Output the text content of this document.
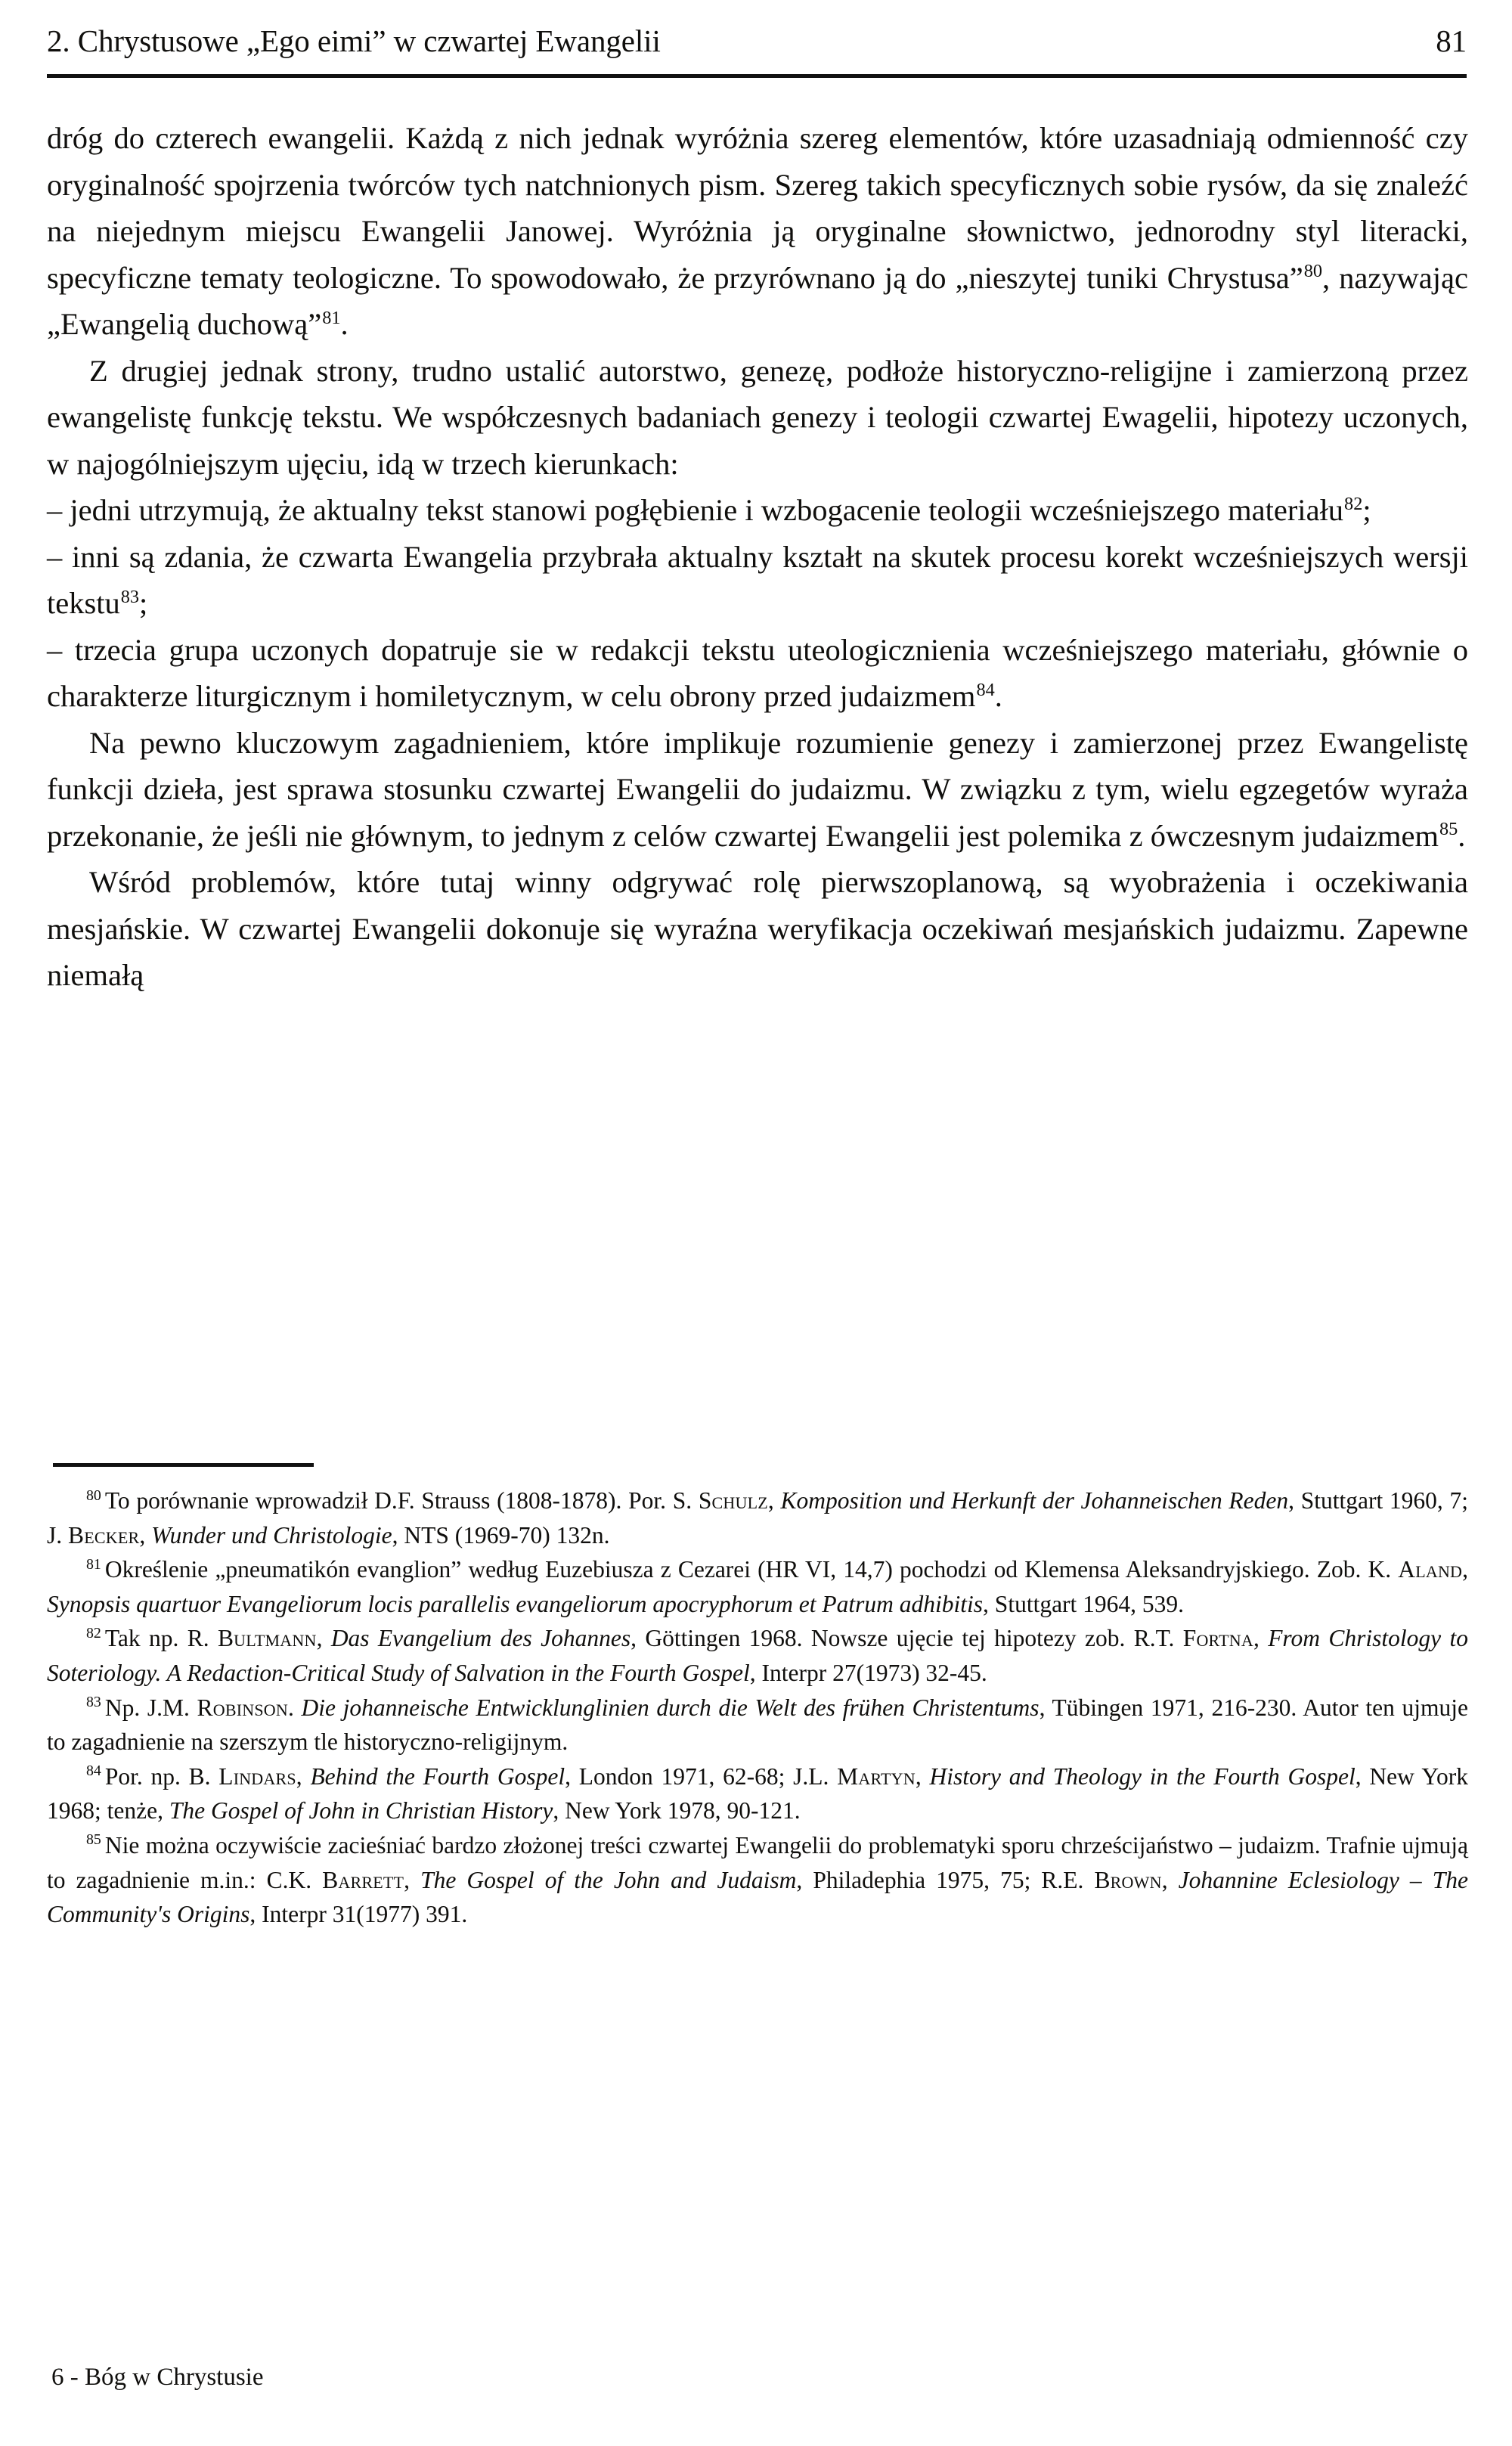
2. Chrystusowe „Ego eimi” w czwartej Ewangelii	81

dróg do czterech ewangelii. Każdą z nich jednak wyróżnia szereg elementów, które uzasadniają odmienność czy oryginalność spojrzenia twórców tych natchnionych pism. Szereg takich specyficznych sobie rysów, da się znaleźć na niejednym miejscu Ewangelii Janowej. Wyróżnia ją oryginalne słownictwo, jednorodny styl literacki, specyficzne tematy teologiczne. To spowodowało, że przyrównano ją do „nieszytej tuniki Chrystusa”$^{80}$, nazywając „Ewangelią duchową”$^{81}$.

Z drugiej jednak strony, trudno ustalić autorstwo, genezę, podłoże historyczno-religijne i zamierzoną przez ewangelistę funkcję tekstu. We współczesnych badaniach genezy i teologii czwartej Ewagelii, hipotezy uczonych, w najogólniejszym ujęciu, idą w trzech kierunkach:

– jedni utrzymują, że aktualny tekst stanowi pogłębienie i wzbogacenie teologii wcześniejszego materiału$^{82}$;

– inni są zdania, że czwarta Ewangelia przybrała aktualny kształt na skutek procesu korekt wcześniejszych wersji tekstu$^{83}$;

– trzecia grupa uczonych dopatruje sie w redakcji tekstu uteologicznienia wcześniejszego materiału, głównie o charakterze liturgicznym i homiletycznym, w celu obrony przed judaizmem$^{84}$.

Na pewno kluczowym zagadnieniem, które implikuje rozumienie genezy i zamierzonej przez Ewangelistę funkcji dzieła, jest sprawa stosunku czwartej Ewangelii do judaizmu. W związku z tym, wielu egzegetów wyraża przekonanie, że jeśli nie głównym, to jednym z celów czwartej Ewangelii jest polemika z ówczesnym judaizmem$^{85}$.

Wśród problemów, które tutaj winny odgrywać rolę pierwszoplanową, są wyobrażenia i oczekiwania mesjańskie. W czwartej Ewangelii dokonuje się wyraźna weryfikacja oczekiwań mesjańskich judaizmu. Zapewne niemałą

$^{80}$ To porównanie wprowadził D.F. Strauss (1808-1878). Por. S. Schulz, Komposition und Herkunft der Johanneischen Reden, Stuttgart 1960, 7; J. Becker, Wunder und Christologie, NTS (1969-70) 132n.

$^{81}$ Określenie „pneumatikón evanglion” według Euzebiusza z Cezarei (HR VI, 14,7) pochodzi od Klemensa Aleksandryjskiego. Zob. K. Aland, Synopsis quartuor Evangeliorum locis parallelis evangeliorum apocryphorum et Patrum adhibitis, Stuttgart 1964, 539.

$^{82}$ Tak np. R. Bultmann, Das Evangelium des Johannes, Göttingen 1968. Nowsze ujęcie tej hipotezy zob. R.T. Fortna, From Christology to Soteriology. A Redaction-Critical Study of Salvation in the Fourth Gospel, Interpr 27(1973) 32-45.

$^{83}$ Np. J.M. Robinson. Die johanneische Entwicklunglinien durch die Welt des frühen Christentums, Tübingen 1971, 216-230. Autor ten ujmuje to zagadnienie na szerszym tle historyczno-religijnym.

$^{84}$ Por. np. B. Lindars, Behind the Fourth Gospel, London 1971, 62-68; J.L. Martyn, History and Theology in the Fourth Gospel, New York 1968; tenże, The Gospel of John in Christian History, New York 1978, 90-121.

$^{85}$ Nie można oczywiście zacieśniać bardzo złożonej treści czwartej Ewangelii do problematyki sporu chrześcijaństwo – judaizm. Trafnie ujmują to zagadnienie m.in.: C.K. Barrett, The Gospel of the John and Judaism, Philadephia 1975, 75; R.E. Brown, Johannine Eclesiology – The Community's Origins, Interpr 31(1977) 391.

6 - Bóg w Chrystusie
